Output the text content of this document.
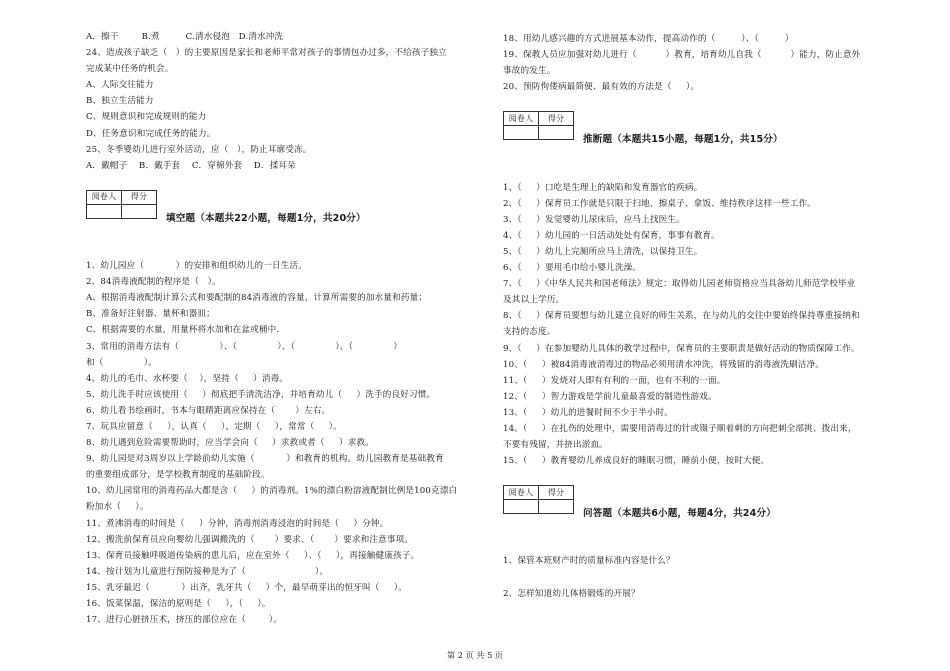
A．擦干        B.煮         C.清水侵泡   D.清水冲洗
24、造成孩子缺乏（   ）的主要原因是家长和老师平常对孩子的事情包办过多，不给孩子独立
完成某中任务的机会。
A、人际交往能力
B、独立生活能力
C、规则意识和完成规则的能力
D、任务意识和完成任务的能力。
25、冬季婴幼儿进行室外活动，应（   ），防止耳廓受冻。
A．戴帽子    B．戴手套    C．穿棉外套    D．揉耳朵
阅卷人	得分

填空题（本题共22小题，每题1分，共20分）
1、幼儿园应（           ）的安排和组织幼儿的一日生活。
2、84消毒液配制的程序是（   ）。
A、根据消毒液配制计算公式和要配制的84消毒液的容量，计算所需要的加水量和药量；
B、准备好注射器、量杯和器皿；
C、根据需要的水量，用量杯将水加和在盆或桶中.
3、常用的消毒方法有（              ）、（              ）、（              ）、（              ）
和（              ）。
4、幼儿的毛巾、水杯要（    ），坚持（     ）消毒。
5、幼儿洗手时应该使用（     ）彻底把手清洗洁净，并培育幼儿（     ）洗手的良好习惯。
6、幼儿看书绘画时，书本与眼睛距离应保持在（       ）左右。
7、玩具应留意（     ），认真（     ），定期（     ），常常（     ）。
8、幼儿遇到危险需要帮助时，应当学会向（     ）求救或者（     ）求救。
9、幼儿园是对3周岁以上学龄前幼儿实施（           ）和教育的机构。幼儿园教育是基础教育
的重要组成部分，是学校教育制度的基础阶段。
10、幼儿园常用的消毒药品大都是含（     ）的消毒剂。1%的漂白粉溶液配制比例是100克漂白
粉加水（     ）。
11、煮沸消毒的时间是（     ）分钟，消毒剂消毒浸泡的时间是（     ）分钟。
12、搬洗前保育员应向婴幼儿强调搬洗的（       ）要求、（       ）要求和注意事项。
13、保育员接触呼吸道传染病的患儿后，应在室外（     ）、（     ），再接触健康孩子。
14、按计划为儿童进行预防接种是为了（                        ）。
15、乳牙最迟（           ）出齐，乳牙共（     ）个，最早萌芽出的恒牙叫（     ）。
16、饭菜保温，保洁的原则是（     ），（     ）。
17、进行心脏挤压术，挤压的部位应在（        ）。
18、用幼儿感兴趣的方式进展基本动作，提高动作的（         ）、（         ）
19、保教人员应加强对幼儿进行（          ）教育，培育幼儿自我（          ）能力，防止意外
事故的发生。
20、预防佝偻病最简便、最有效的方法是（     ）。
阅卷人	得分

推断题（本题共15小题，每题1分，共15分）
1、（     ）口吃是生理上的缺陷和发育器官的疾病。
2、（     ）保育员工作就是只限于扫地、擦桌子、拿饭、维持秩序这样一些工作。
3、（     ）发觉婴幼儿尿床后，应马上找医生。
4、（     ）幼儿园的一日活动处处有保育，事事有教育。
5、（     ）幼儿上完厕所应马上清洗，以保持卫生。
6、（     ）要用毛巾给小婴儿洗澡。
7、（     ）《中华人民共和国老师法》规定：取得幼儿园老师资格应当具备幼儿师范学校毕业
及其以上学历。
8、（     ）保育员要想与幼儿建立良好的师生关系，在与幼儿的交往中要始终保持尊重接纳和
支持的态度。
9、（     ）在参加婴幼儿具体的教学过程中，保育员的主要职责是做好活动的物质保障工作。
10、（     ）被84消毒液消毒过的物品必须用清水冲洗，将残留的消毒液洗刷洁净。
11、（     ）发烧对人即有有利的一面，也有不利的一面。
12、（     ）智力游戏是学前儿童最喜爱的制造性游戏。
13、（     ）幼儿的进餐时间不少于半小时。
14、（     ）在扎伤的处理中，需要用消毒过的针或镊子顺着刺的方向把刺全部挑、拨出来，
不要有残留，并挤出淤血。
15、（     ）教育婴幼儿养成良好的睡眠习惯，睡前小便，按时大便。
阅卷人	得分

问答题（本题共6小题，每题4分，共24分）
1、保管本班财产时的质量标准内容是什么？
2、怎样知道幼儿体格锻炼的开展？
第 2 页 共 5 页
